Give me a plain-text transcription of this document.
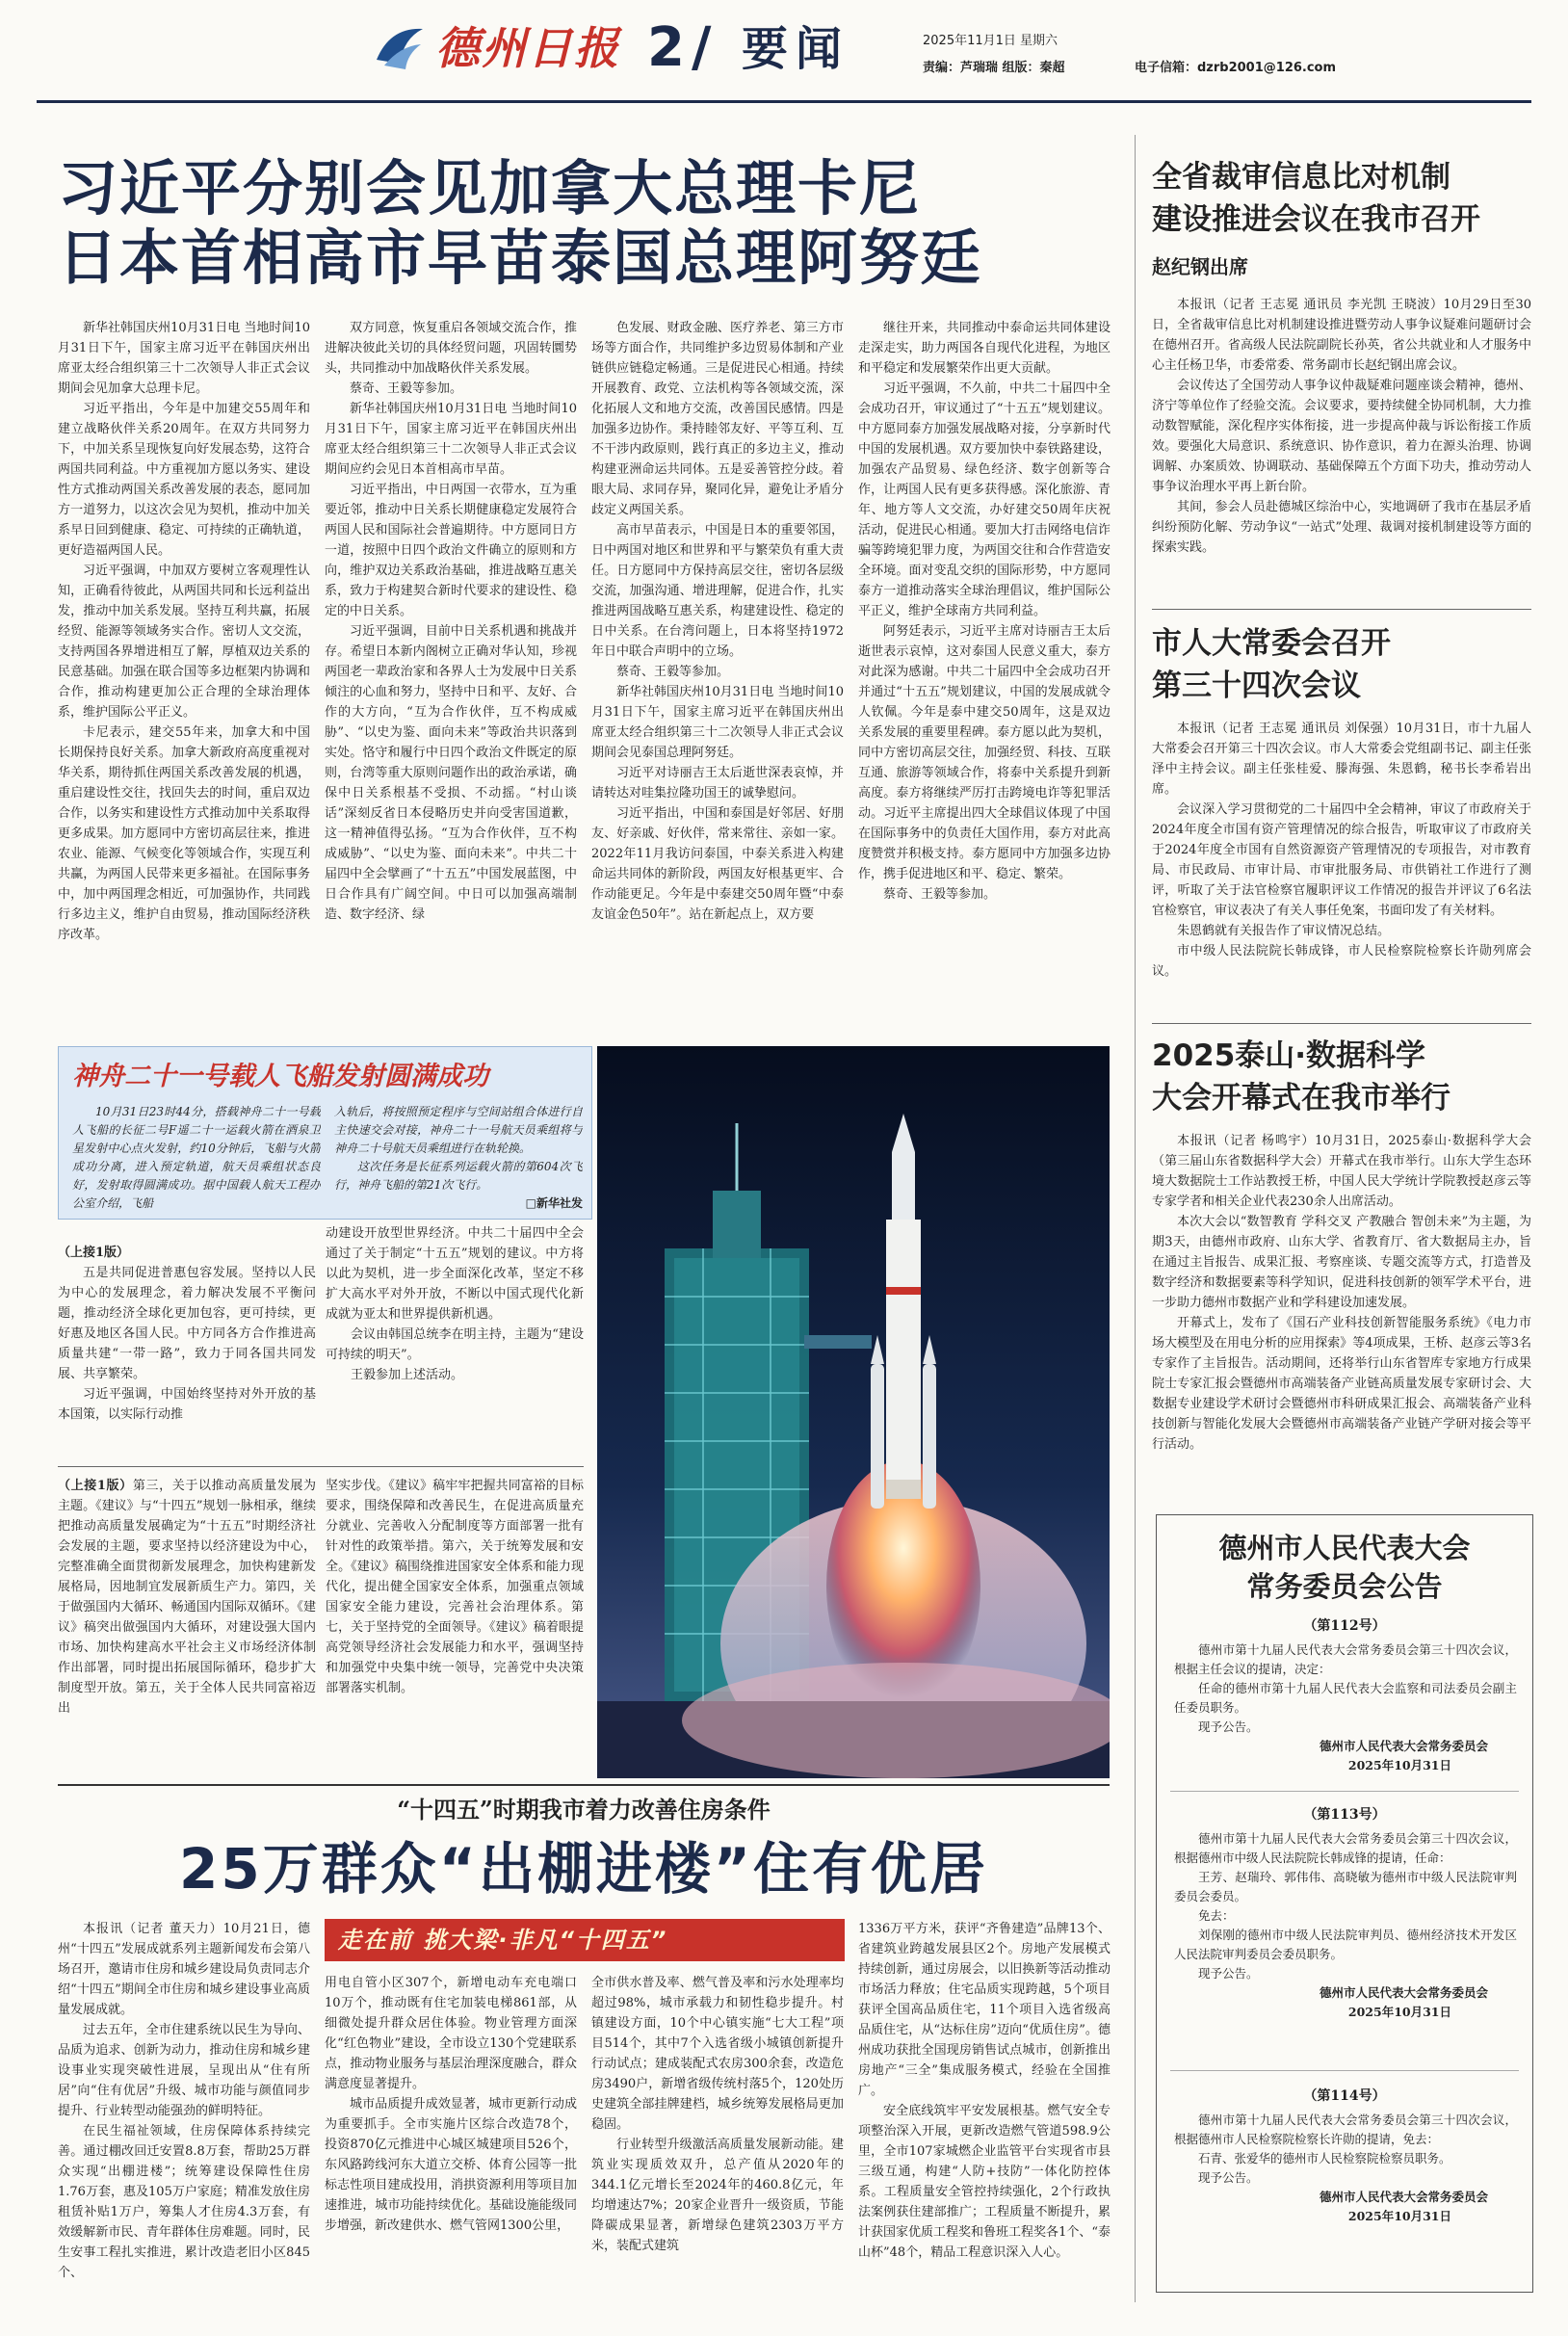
德州日报 2 / 要闻	2025年11月1日 星期六
责编：芦瑞瑞 组版：秦超	电子信箱：dzrb2001@126.com
习近平分别会见加拿大总理卡尼
日本首相高市早苗泰国总理阿努廷

新华社韩国庆州10月31日电 当地时间10月31日下午，国家主席习近平在韩国庆州出席亚太经合组织第三十二次领导人非正式会议期间会见加拿大总理卡尼。

习近平指出，今年是中加建交55周年和建立战略伙伴关系20周年。在双方共同努力下，中加关系呈现恢复向好发展态势，这符合两国共同利益。中方重视加方愿以务实、建设性方式推动两国关系改善发展的表态，愿同加方一道努力，以这次会见为契机，推动中加关系早日回到健康、稳定、可持续的正确轨道，更好造福两国人民。

习近平强调，中加双方要树立客观理性认知，正确看待彼此，从两国共同和长远利益出发，推动中加关系发展。坚持互利共赢，拓展经贸、能源等领域务实合作。密切人文交流，支持两国各界增进相互了解，厚植双边关系的民意基础。加强在联合国等多边框架内协调和合作，推动构建更加公正合理的全球治理体系，维护国际公平正义。

卡尼表示，建交55年来，加拿大和中国长期保持良好关系。加拿大新政府高度重视对华关系，期待抓住两国关系改善发展的机遇，重启建设性交往，找回失去的时间，重启双边合作，以务实和建设性方式推动加中关系取得更多成果。加方愿同中方密切高层往来，推进农业、能源、气候变化等领域合作，实现互利共赢，为两国人民带来更多福祉。在国际事务中，加中两国理念相近，可加强协作，共同践行多边主义，维护自由贸易，推动国际经济秩序改革。

双方同意，恢复重启各领域交流合作，推进解决彼此关切的具体经贸问题，巩固转圜势头，共同推动中加战略伙伴关系发展。

蔡奇、王毅等参加。

新华社韩国庆州10月31日电 当地时间10月31日下午，国家主席习近平在韩国庆州出席亚太经合组织第三十二次领导人非正式会议期间应约会见日本首相高市早苗。

习近平指出，中日两国一衣带水，互为重要近邻，推动中日关系长期健康稳定发展符合两国人民和国际社会普遍期待。中方愿同日方一道，按照中日四个政治文件确立的原则和方向，维护双边关系政治基础，推进战略互惠关系，致力于构建契合新时代要求的建设性、稳定的中日关系。

习近平强调，目前中日关系机遇和挑战并存。希望日本新内阁树立正确对华认知，珍视两国老一辈政治家和各界人士为发展中日关系倾注的心血和努力，坚持中日和平、友好、合作的大方向，“互为合作伙伴，互不构成威胁”、“以史为鉴、面向未来”等政治共识落到实处。恪守和履行中日四个政治文件既定的原则，台湾等重大原则问题作出的政治承诺，确保中日关系根基不受损、不动摇。“村山谈话”深刻反省日本侵略历史并向受害国道歉，这一精神值得弘扬。“互为合作伙伴，互不构成威胁”、“以史为鉴、面向未来”。中共二十届四中全会擘画了“十五五”中国发展蓝图，中日合作具有广阔空间。中日可以加强高端制造、数字经济、绿

色发展、财政金融、医疗养老、第三方市场等方面合作，共同维护多边贸易体制和产业链供应链稳定畅通。三是促进民心相通。持续开展教育、政党、立法机构等各领域交流，深化拓展人文和地方交流，改善国民感情。四是加强多边协作。秉持睦邻友好、平等互利、互不干涉内政原则，践行真正的多边主义，推动构建亚洲命运共同体。五是妥善管控分歧。着眼大局、求同存异，聚同化异，避免让矛盾分歧定义两国关系。

高市早苗表示，中国是日本的重要邻国，日中两国对地区和世界和平与繁荣负有重大责任。日方愿同中方保持高层交往，密切各层级交流，加强沟通、增进理解，促进合作，扎实推进两国战略互惠关系，构建建设性、稳定的日中关系。在台湾问题上，日本将坚持1972年日中联合声明中的立场。

蔡奇、王毅等参加。

新华社韩国庆州10月31日电 当地时间10月31日下午，国家主席习近平在韩国庆州出席亚太经合组织第三十二次领导人非正式会议期间会见泰国总理阿努廷。

习近平对诗丽吉王太后逝世深表哀悼，并请转达对哇集拉隆功国王的诚挚慰问。

习近平指出，中国和泰国是好邻居、好朋友、好亲戚、好伙伴，常来常往、亲如一家。2022年11月我访问泰国，中泰关系进入构建命运共同体的新阶段，两国友好根基更牢、合作动能更足。今年是中泰建交50周年暨“中泰友谊金色50年”。站在新起点上，双方要

继往开来，共同推动中泰命运共同体建设走深走实，助力两国各自现代化进程，为地区和平稳定和发展繁荣作出更大贡献。

习近平强调，不久前，中共二十届四中全会成功召开，审议通过了“十五五”规划建议。中方愿同泰方加强发展战略对接，分享新时代中国的发展机遇。双方要加快中泰铁路建设，加强农产品贸易、绿色经济、数字创新等合作，让两国人民有更多获得感。深化旅游、青年、地方等人文交流，办好建交50周年庆祝活动，促进民心相通。要加大打击网络电信诈骗等跨境犯罪力度，为两国交往和合作营造安全环境。面对变乱交织的国际形势，中方愿同泰方一道推动落实全球治理倡议，维护国际公平正义，维护全球南方共同利益。

阿努廷表示，习近平主席对诗丽吉王太后逝世表示哀悼，这对泰国人民意义重大，泰方对此深为感谢。中共二十届四中全会成功召开并通过“十五五”规划建议，中国的发展成就令人钦佩。今年是泰中建交50周年，这是双边关系发展的重要里程碑。泰方愿以此为契机，同中方密切高层交往，加强经贸、科技、互联互通、旅游等领域合作，将泰中关系提升到新高度。泰方将继续严厉打击跨境电诈等犯罪活动。习近平主席提出四大全球倡议体现了中国在国际事务中的负责任大国作用，泰方对此高度赞赏并积极支持。泰方愿同中方加强多边协作，携手促进地区和平、稳定、繁荣。

蔡奇、王毅等参加。

神舟二十一号载人飞船发射圆满成功
10月31日23时44分，搭载神舟二十一号载人飞船的长征二号F遥二十一运载火箭在酒泉卫星发射中心点火发射，约10分钟后，飞船与火箭成功分离，进入预定轨道，航天员乘组状态良好，发射取得圆满成功。据中国载人航天工程办公室介绍，飞船

入轨后，将按照预定程序与空间站组合体进行自主快速交会对接，神舟二十一号航天员乘组将与神舟二十号航天员乘组进行在轨轮换。

这次任务是长征系列运载火箭的第604次飞行，神舟飞船的第21次飞行。

□新华社发
（上接1版）

五是共同促进普惠包容发展。坚持以人民为中心的发展理念，着力解决发展不平衡问题，推动经济全球化更加包容，更可持续，更好惠及地区各国人民。中方同各方合作推进高质量共建“一带一路”，致力于同各国共同发展、共享繁荣。

习近平强调，中国始终坚持对外开放的基本国策，以实际行动推

动建设开放型世界经济。中共二十届四中全会通过了关于制定“十五五”规划的建议。中方将以此为契机，进一步全面深化改革，坚定不移扩大高水平对外开放，不断以中国式现代化新成就为亚太和世界提供新机遇。

会议由韩国总统李在明主持，主题为“建设可持续的明天”。

王毅参加上述活动。

（上接1版）第三，关于以推动高质量发展为主题。《建议》与“十四五”规划一脉相承，继续把推动高质量发展确定为“十五五”时期经济社会发展的主题，要求坚持以经济建设为中心，完整准确全面贯彻新发展理念，加快构建新发展格局，因地制宜发展新质生产力。第四，关于做强国内大循环、畅通国内国际双循环。《建议》稿突出做强国内大循环，对建设强大国内市场、加快构建高水平社会主义市场经济体制作出部署，同时提出拓展国际循环，稳步扩大制度型开放。第五，关于全体人民共同富裕迈出

坚实步伐。《建议》稿牢牢把握共同富裕的目标要求，围绕保障和改善民生，在促进高质量充分就业、完善收入分配制度等方面部署一批有针对性的政策举措。第六，关于统筹发展和安全。《建议》稿围绕推进国家安全体系和能力现代化，提出健全国家安全体系，加强重点领域国家安全能力建设，完善社会治理体系。第七，关于坚持党的全面领导。《建议》稿着眼提高党领导经济社会发展能力和水平，强调坚持和加强党中央集中统一领导，完善党中央决策部署落实机制。

“十四五”时期我市着力改善住房条件
25万群众“出棚进楼”住有优居

本报讯（记者 董天力）10月21日，德州“十四五”发展成就系列主题新闻发布会第八场召开，邀请市住房和城乡建设局负责同志介绍“十四五”期间全市住房和城乡建设事业高质量发展成就。

过去五年，全市住建系统以民生为导向、品质为追求、创新为动力，推动住房和城乡建设事业实现突破性进展，呈现出从“住有所居”向“住有优居”升级、城市功能与颜值同步提升、行业转型动能强劲的鲜明特征。

在民生福祉领域，住房保障体系持续完善。通过棚改回迁安置8.8万套，帮助25万群众实现“出棚进楼”；统筹建设保障性住房1.76万套，惠及105万户家庭；精准发放住房租赁补贴1万户，筹集人才住房4.3万套，有效缓解新市民、青年群体住房难题。同时，民生安事工程扎实推进，累计改造老旧小区845个、

走在前 挑大梁·非凡“十四五”

用电自管小区307个，新增电动车充电端口10万个，推动既有住宅加装电梯861部，从细微处提升群众居住体验。物业管理方面深化“红色物业”建设，全市设立130个党建联系点，推动物业服务与基层治理深度融合，群众满意度显著提升。

城市品质提升成效显著，城市更新行动成为重要抓手。全市实施片区综合改造78个，投资870亿元推进中心城区城建项目526个，东风路跨线河东大道立交桥、体育公园等一批标志性项目建成投用，消拱资源利用等项目加速推进，城市功能持续优化。基础设施能级同步增强，新改建供水、燃气管网1300公里，

全市供水普及率、燃气普及率和污水处理率均超过98%，城市承载力和韧性稳步提升。村镇建设方面，10个中心镇实施“七大工程”项目514个，其中7个入选省级小城镇创新提升行动试点；建成装配式农房300余套，改造危房3490户，新增省级传统村落5个，120处历史建筑全部挂牌建档，城乡统筹发展格局更加稳固。

行业转型升级激活高质量发展新动能。建筑业实现质效双升，总产值从2020年的344.1亿元增长至2024年的460.8亿元，年均增速达7%；20家企业晋升一级资质，节能降碳成果显著，新增绿色建筑2303万平方米，装配式建筑

1336万平方米，获评“齐鲁建造”品牌13个、省建筑业跨越发展县区2个。房地产发展模式持续创新，通过房展会，以旧换新等活动推动市场活力释放；住宅品质实现跨越，5个项目获评全国高品质住宅，11个项目入选省级高品质住宅，从“达标住房”迈向“优质住房”。德州成功获批全国现房销售试点城市，创新推出房地产“三全”集成服务模式，经验在全国推广。

安全底线筑牢平安发展根基。燃气安全专项整治深入开展，更新改造燃气管道598.9公里，全市107家城燃企业监管平台实现省市县三级互通，构建“人防+技防”一体化防控体系。工程质量安全管控持续强化，2个行政执法案例获住建部推广；工程质量不断提升，累计获国家优质工程奖和鲁班工程奖各1个、“泰山杯”48个，精品工程意识深入人心。

全省裁审信息比对机制
建设推进会议在我市召开
赵纪钢出席

本报讯（记者 王志冕 通讯员 李光凯 王晓波）10月29日至30日，全省裁审信息比对机制建设推进暨劳动人事争议疑难问题研讨会在德州召开。省高级人民法院副院长孙英，省公共就业和人才服务中心主任杨卫华，市委常委、常务副市长赵纪钢出席会议。

会议传达了全国劳动人事争议仲裁疑难问题座谈会精神，德州、济宁等单位作了经验交流。会议要求，要持续健全协同机制，大力推动数智赋能，深化程序实体衔接，进一步提高仲裁与诉讼衔接工作质效。要强化大局意识、系统意识、协作意识，着力在源头治理、协调调解、办案质效、协调联动、基础保障五个方面下功夫，推动劳动人事争议治理水平再上新台阶。

其间，参会人员赴德城区综治中心，实地调研了我市在基层矛盾纠纷预防化解、劳动争议“一站式”处理、裁调对接机制建设等方面的探索实践。

市人大常委会召开
第三十四次会议

本报讯（记者 王志冕 通讯员 刘保强）10月31日，市十九届人大常委会召开第三十四次会议。市人大常委会党组副书记、副主任张泽中主持会议。副主任张桂爱、滕海强、朱恩鹤，秘书长李希岩出席。

会议深入学习贯彻党的二十届四中全会精神，审议了市政府关于2024年度全市国有资产管理情况的综合报告，听取审议了市政府关于2024年度全市国有自然资源资产管理情况的专项报告，对市教育局、市民政局、市审计局、市审批服务局、市供销社工作进行了测评，听取了关于法官检察官履职评议工作情况的报告并评议了6名法官检察官，审议表决了有关人事任免案，书面印发了有关材料。

朱恩鹤就有关报告作了审议情况总结。

市中级人民法院院长韩成锋，市人民检察院检察长许勋列席会议。

2025泰山·数据科学
大会开幕式在我市举行

本报讯（记者 杨鸣宇）10月31日，2025泰山·数据科学大会（第三届山东省数据科学大会）开幕式在我市举行。山东大学生态环境大数据院士工作站教授王桥，中国人民大学统计学院教授赵彦云等专家学者和相关企业代表230余人出席活动。

本次大会以“数智教育 学科交叉 产教融合 智创未来”为主题，为期3天，由德州市政府、山东大学、省教育厅、省大数据局主办，旨在通过主旨报告、成果汇报、考察座谈、专题交流等方式，打造普及数字经济和数据要素等科学知识，促进科技创新的领军学术平台，进一步助力德州市数据产业和学科建设加速发展。

开幕式上，发布了《国石产业科技创新智能服务系统》《电力市场大模型及在用电分析的应用探索》等4项成果，王桥、赵彦云等3名专家作了主旨报告。活动期间，还将举行山东省智库专家地方行成果院士专家汇报会暨德州市高端装备产业链高质量发展专家研讨会、大数据专业建设学术研讨会暨德州市科研成果汇报会、高端装备产业科技创新与智能化发展大会暨德州市高端装备产业链产学研对接会等平行活动。

德州市人民代表大会
常务委员会公告
（第112号）

德州市第十九届人民代表大会常务委员会第三十四次会议，根据主任会议的提请，决定：

任命的德州市第十九届人民代表大会监察和司法委员会副主任委员职务。

现予公告。

德州市人民代表大会常务委员会
2025年10月31日
（第113号）

德州市第十九届人民代表大会常务委员会第三十四次会议，根据德州市中级人民法院院长韩成锋的提请，任命：

王芳、赵瑞玲、郭伟伟、高晓敏为德州市中级人民法院审判委员会委员。

免去：

刘保刚的德州市中级人民法院审判员、德州经济技术开发区人民法院审判委员会委员职务。

现予公告。

德州市人民代表大会常务委员会
2025年10月31日
（第114号）

德州市第十九届人民代表大会常务委员会第三十四次会议，根据德州市人民检察院检察长许勋的提请，免去：

石青、张爱华的德州市人民检察院检察员职务。

现予公告。

德州市人民代表大会常务委员会
2025年10月31日
